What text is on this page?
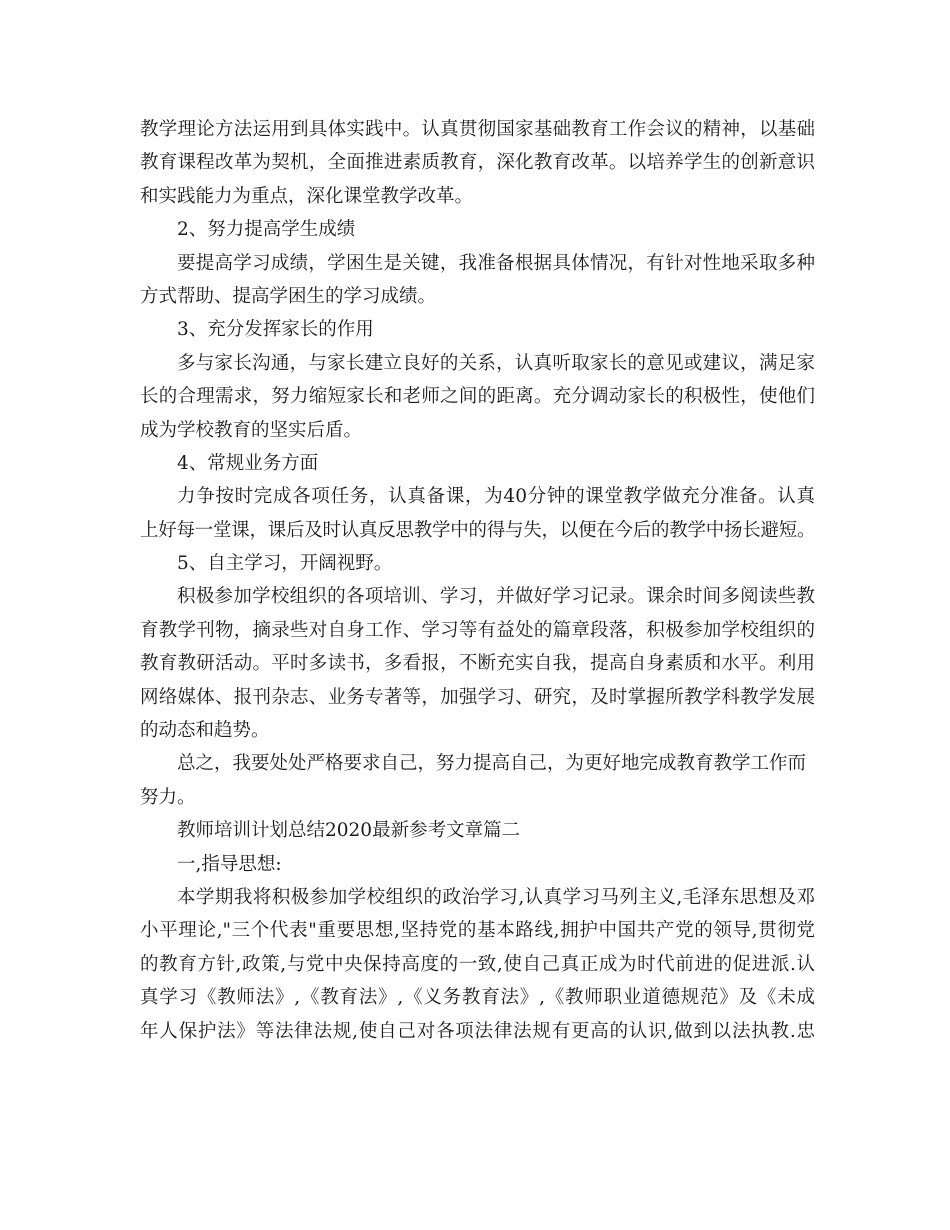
教学理论方法运用到具体实践中。认真贯彻国家基础教育工作会议的精神，以基础
教育课程改革为契机，全面推进素质教育，深化教育改革。以培养学生的创新意识
和实践能力为重点，深化课堂教学改革。
2、努力提高学生成绩
要提高学习成绩，学困生是关键，我准备根据具体情况，有针对性地采取多种
方式帮助、提高学困生的学习成绩。
3、充分发挥家长的作用
多与家长沟通，与家长建立良好的关系，认真听取家长的意见或建议，满足家
长的合理需求，努力缩短家长和老师之间的距离。充分调动家长的积极性，使他们
成为学校教育的坚实后盾。
4、常规业务方面
力争按时完成各项任务，认真备课，为40分钟的课堂教学做充分准备。认真
上好每一堂课，课后及时认真反思教学中的得与失，以便在今后的教学中扬长避短。
5、自主学习，开阔视野。
积极参加学校组织的各项培训、学习，并做好学习记录。课余时间多阅读些教
育教学刊物，摘录些对自身工作、学习等有益处的篇章段落，积极参加学校组织的
教育教研活动。平时多读书，多看报，不断充实自我，提高自身素质和水平。利用
网络媒体、报刊杂志、业务专著等，加强学习、研究，及时掌握所教学科教学发展
的动态和趋势。
总之，我要处处严格要求自己，努力提高自己，为更好地完成教育教学工作而
努力。
教师培训计划总结2020最新参考文章篇二
一,指导思想:
本学期我将积极参加学校组织的政治学习,认真学习马列主义,毛泽东思想及邓
小平理论,"三个代表"重要思想,坚持党的基本路线,拥护中国共产党的领导,贯彻党
的教育方针,政策,与党中央保持高度的一致,使自己真正成为时代前进的促进派.认
真学习《教师法》,《教育法》,《义务教育法》,《教师职业道德规范》及《未成
年人保护法》等法律法规,使自己对各项法律法规有更高的认识,做到以法执教.忠
